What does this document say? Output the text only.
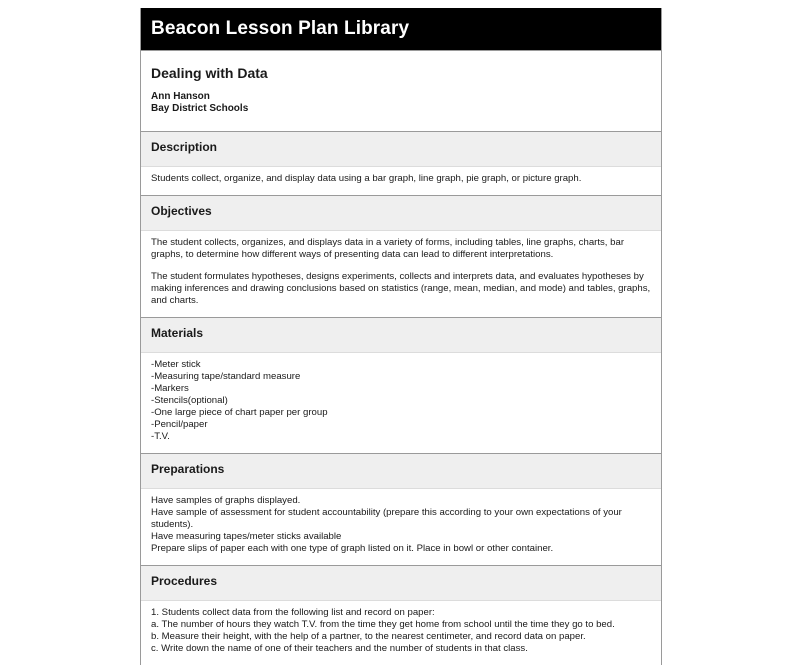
Beacon Lesson Plan Library
Dealing with Data
Ann Hanson
Bay District Schools
Description
Students collect, organize, and display data using a bar graph, line graph, pie graph, or picture graph.
Objectives
The student collects, organizes, and displays data in a variety of forms, including tables, line graphs, charts, bar graphs, to determine how different ways of presenting data can lead to different interpretations.
The student formulates hypotheses, designs experiments, collects and interprets data, and evaluates hypotheses by making inferences and drawing conclusions based on statistics (range, mean, median, and mode) and tables, graphs, and charts.
Materials
-Meter stick
-Measuring tape/standard measure
-Markers
-Stencils(optional)
-One large piece of chart paper per group
-Pencil/paper
-T.V.
Preparations
Have samples of graphs displayed.
Have sample of assessment for student accountability (prepare this according to your own expectations of your students).
Have measuring tapes/meter sticks available
Prepare slips of paper each with one type of graph listed on it. Place in bowl or other container.
Procedures
1. Students collect data from the following list and record on paper:
a. The number of hours they watch T.V. from the time they get home from school until the time they go to bed.
b. Measure their height, with the help of a partner, to the nearest centimeter, and record data on paper.
c. Write down the name of one of their teachers and the number of students in that class.
